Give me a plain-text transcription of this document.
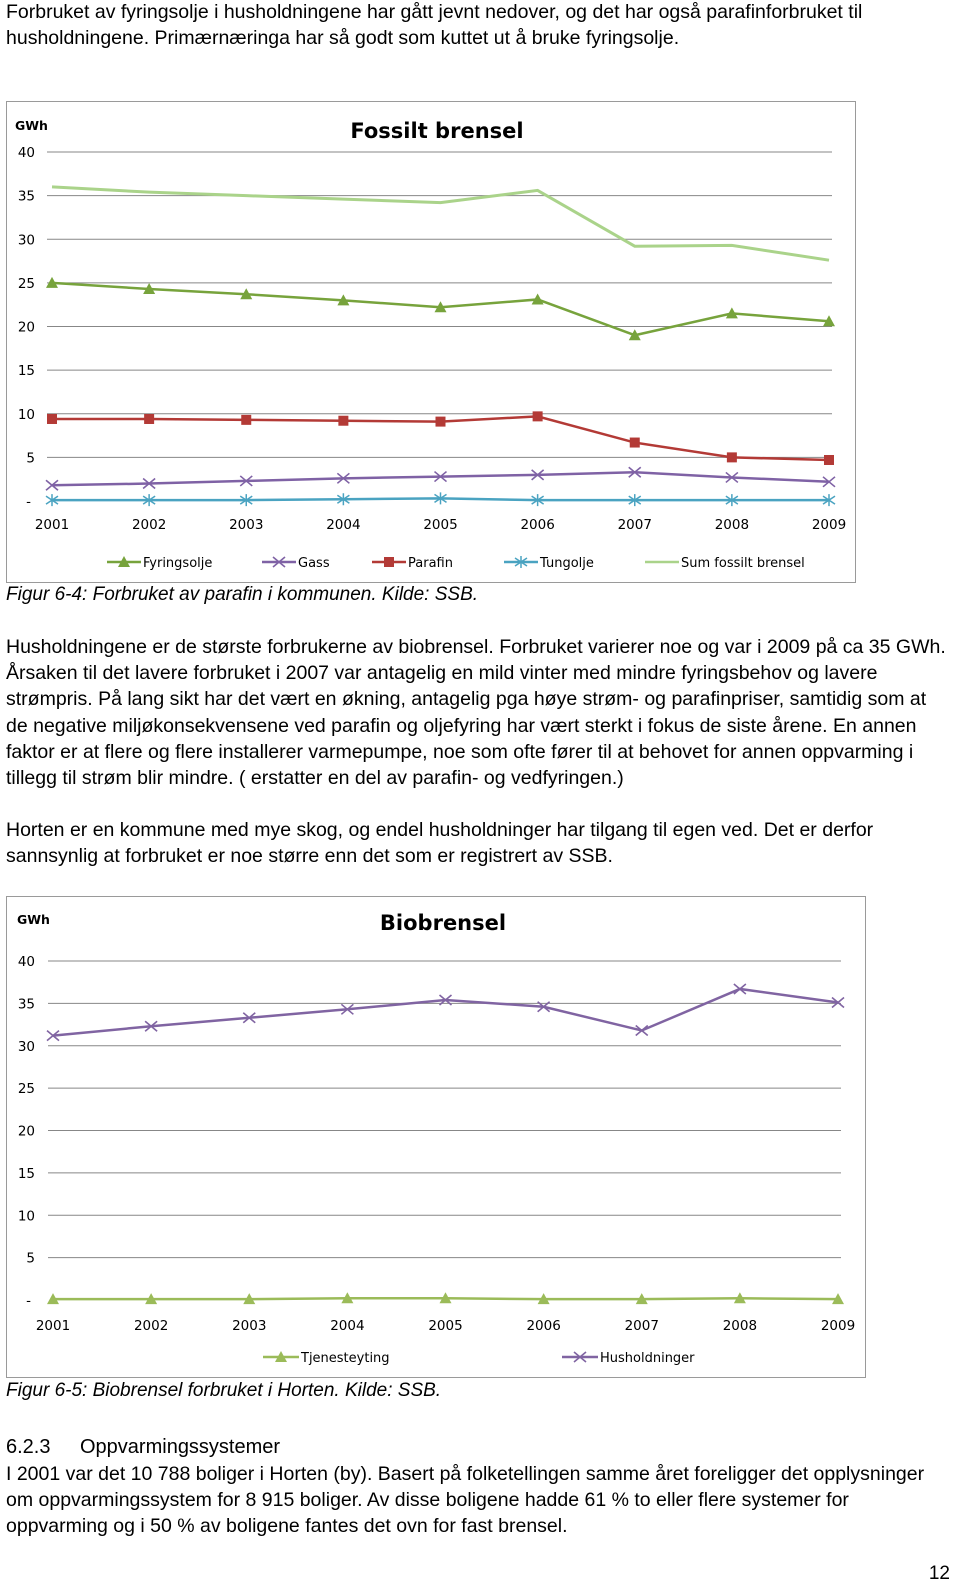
Forbruket av fyringsolje i husholdningene har gått jevnt nedover, og det har også parafinforbruket til husholdningene. Primærnæringa har så godt som kuttet ut å bruke fyringsolje.

Fossilt brensel
GWh
-
5
10
15
20
25
30
35
40
2001	2002	2003	2004	2005	2006	2007	2008	2009
Fyringsolje	Gass	Parafin	Tungolje	Sum fossilt brensel

Figur 6-4: Forbruket av parafin i kommunen. Kilde: SSB.

Husholdningene er de største forbrukerne av biobrensel. Forbruket varierer noe og var i 2009 på ca 35 GWh. Årsaken til det lavere forbruket i 2007 var antagelig en mild vinter med mindre fyringsbehov og lavere strømpris. På lang sikt har det vært en økning, antagelig pga høye strøm- og parafinpriser, samtidig som at de negative miljøkonsekvensene ved parafin og oljefyring har vært sterkt i fokus de siste årene. En annen faktor er at flere og flere installerer varmepumpe, noe som ofte fører til at behovet for annen oppvarming i tillegg til strøm blir mindre. ( erstatter en del av parafin- og vedfyringen.)

Horten er en kommune med mye skog, og endel husholdninger har tilgang til egen ved. Det er derfor sannsynlig at forbruket er noe større enn det som er registrert av SSB.

Biobrensel
GWh
-
5
10
15
20
25
30
35
40
2001	2002	2003	2004	2005	2006	2007	2008	2009
Tjenesteyting	Husholdninger

Figur 6-5: Biobrensel forbruket i Horten. Kilde: SSB.

6.2.3 Oppvarmingssystemer

I 2001 var det 10 788 boliger i Horten (by). Basert på folketellingen samme året foreligger det opplysninger om oppvarmingssystem for 8 915 boliger. Av disse boligene hadde 61 % to eller flere systemer for oppvarming og i 50 % av boligene fantes det ovn for fast brensel.

12
